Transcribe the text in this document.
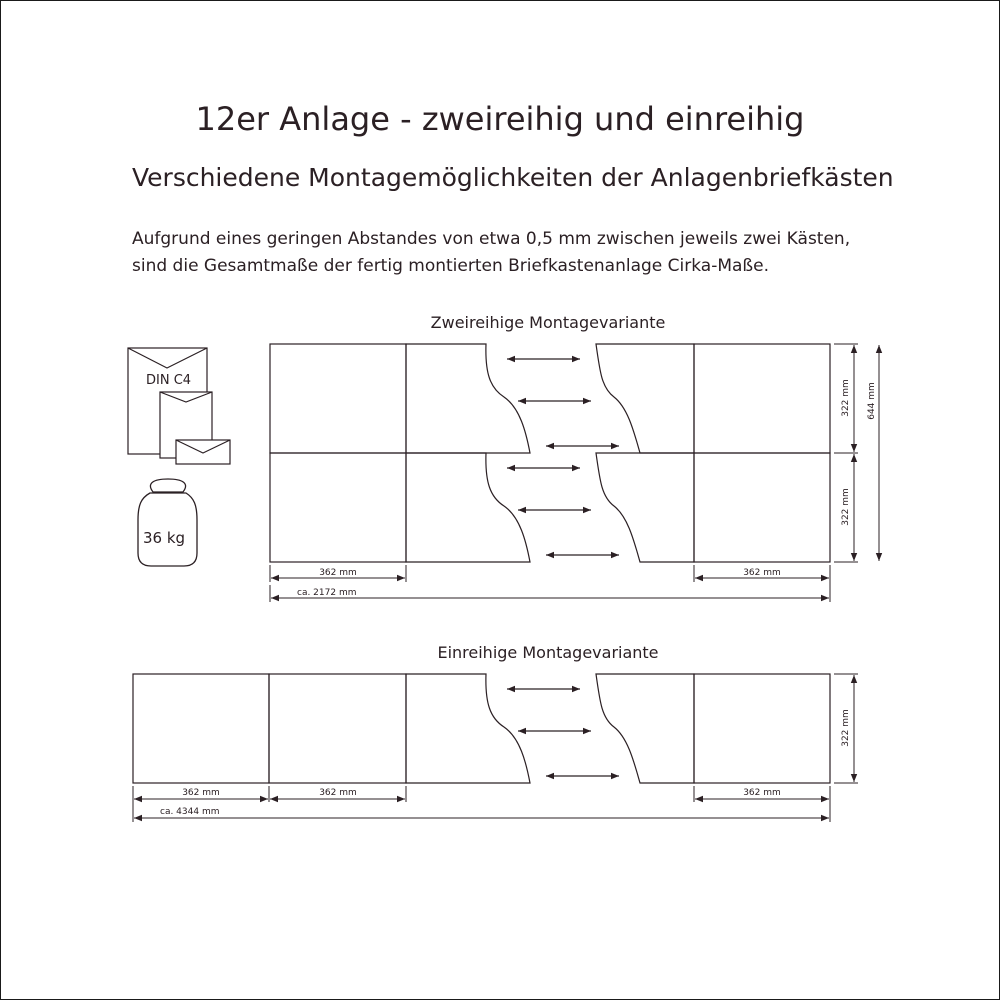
12er Anlage - zweireihig und einreihig
Verschiedene Montagemöglichkeiten der Anlagenbriefkästen
Aufgrund eines geringen Abstandes von etwa 0,5 mm zwischen jeweils zwei Kästen,
sind die Gesamtmaße der fertig montierten Briefkastenanlage Cirka-Maße.
DIN C4
36 kg
Zweireihige Montagevariante
362 mm	362 mm
ca. 2172 mm
322 mm
322 mm
644 mm
Einreihige Montagevariante
362 mm	362 mm	362 mm
ca. 4344 mm
322 mm
